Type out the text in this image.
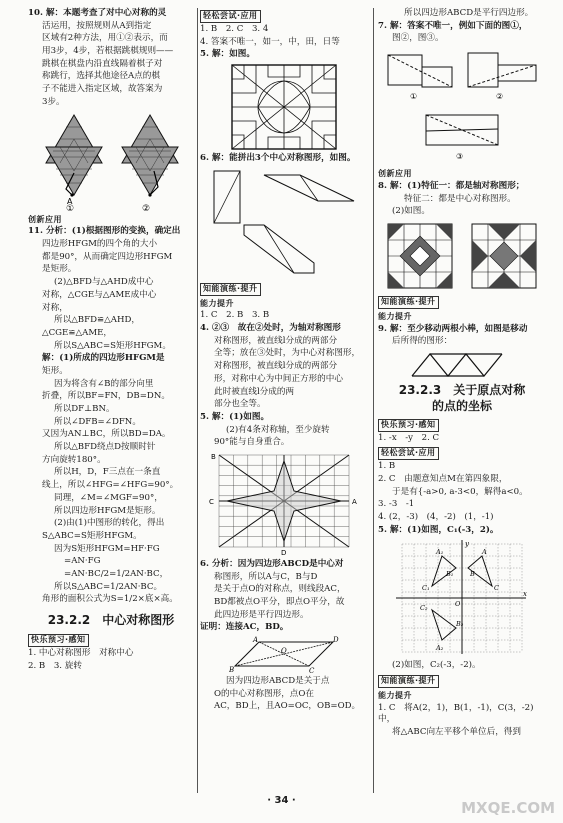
10. 解：本题考查了对中心对称的灵
活运用，按照规则从A到指定
区域有2种方法，用①②表示，而
用3步，4步，若根据跳棋规则——
跳棋在棋盘内沿直线隔着棋子对
称跳行，选择其他途径A点的棋
子不能进入指定区域，故答案为
3步。
A
①	②
创新应用
11. 分析：(1)根据图形的变换，确定出
四边形HFGM的四个角的大小
都是90°，从而确定四边形HFGM
是矩形。
(2)△BFD与△AHD成中心
对称，△CGE与△AME成中心
对称，
所以△BFD≌△AHD，
△CGE≌△AME，
所以S△ABC=S矩形HFGM。
解：(1)所成的四边形HFGM是
矩形。
因为将含有∠B的部分向里
折叠，所以BF=FN，DB=DN。
所以DF⊥BN。
所以∠DFB=∠DFN。
又因为AN⊥BC，所以BD=DA。
所以△BFD绕点D按顺时针
方向旋转180°。
所以H，D，F三点在一条直
线上，所以∠HFG=∠HFG=90°。
同理，∠M=∠MGF=90°，
所以四边形HFGM是矩形。
(2)由(1)中图形的转化，得出
S△ABC=S矩形HFGM。
因为S矩形HFGM=HF·FG
=AN·FG
=AN·BC/2=1/2AN·BC，
所以S△ABC=1/2AN·BC。
角形的面积公式为S=1/2×底×高。
23.2.2　中心对称图形
快乐预习·感知
1. 中心对称图形　对称中心
2. B　3. 旋转
轻松尝试·应用
1. B　2. C　3. 4
4. 答案不唯一，如一，中，田，日等
5. 解：如图。
6. 解：能拼出3个中心对称图形，如图。
知能演练·提升
能力提升
1. C　2. B　3. B
4. ②③　故在②处时，为轴对称图形
对称图形，被直线l分成的两部分
全等；放在③处时，为中心对称图形，
对称图形，被直线l分成的两部分
形，对称中心为中间正方形的中心
此时被直线l分成的两
部分也全等。
5. 解：(1)如图。
(2)有4条对称轴，至少旋转
90°能与自身重合。
B
C	A
D
6. 分析：因为四边形ABCD是中心对
称图形，所以A与C，B与D
是关于点O的对称点，则线段AC，
BD都被点O平分，即点O平分，故
此四边形是平行四边形。
证明：连接AC，BD。
A	D
O
B	C
因为四边形ABCD是关于点
O的中心对称图形，点O在
AC，BD上，且AO=OC，OB=OD。
所以四边形ABCD是平行四边形。
7. 解：答案不唯一，例如下面的图①，
图②，图③。
①	②
③
创新应用
8. 解：(1)特征一：都是轴对称图形；
特征二：都是中心对称图形。
(2)如图。
知能演练·提升
能力提升
9. 解：至少移动两根小棒，如图是移动
后所得的图形：
23.2.3　关于原点对称
的点的坐标
快乐预习·感知
1. -x　-y　2. C
轻松尝试·应用
1. B
2. C　由题意知点M在第四象限，
于是有{-a>0, a-3<0，解得a<0。
3. -3　-1
4. (2，-3)　(4，-2)　(1，-1)
5. 解：(1)如图，C₁(-3，2)。
A₁
B₁
C₁
y
x
O
A
B
C
A₂
B₂
C₂
(2)如图，C₂(-3，-2)。
知能演练·提升
能力提升
1. C　将A(2，1)，B(1，-1)，C(3，-2)中，
将△ABC向左平移个单位后，得到
· 34 ·	MXQE.COM
